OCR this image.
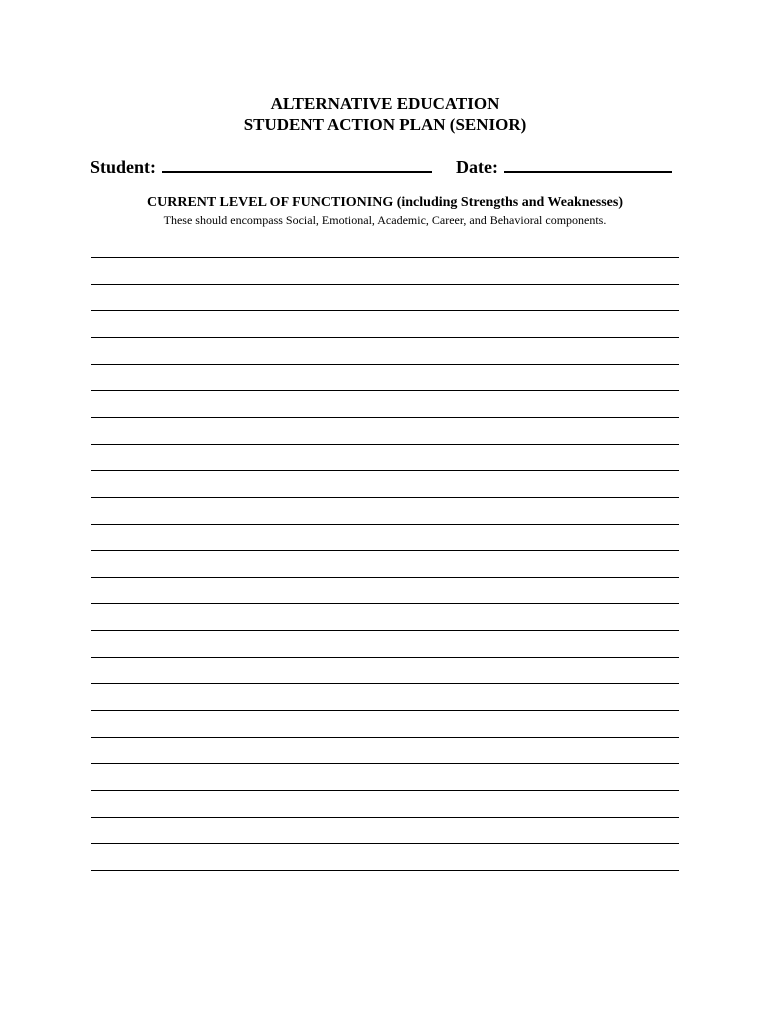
ALTERNATIVE EDUCATION
STUDENT ACTION PLAN (SENIOR)
Student:	Date:
CURRENT LEVEL OF FUNCTIONING (including Strengths and Weaknesses)
These should encompass Social, Emotional, Academic, Career, and Behavioral components.
